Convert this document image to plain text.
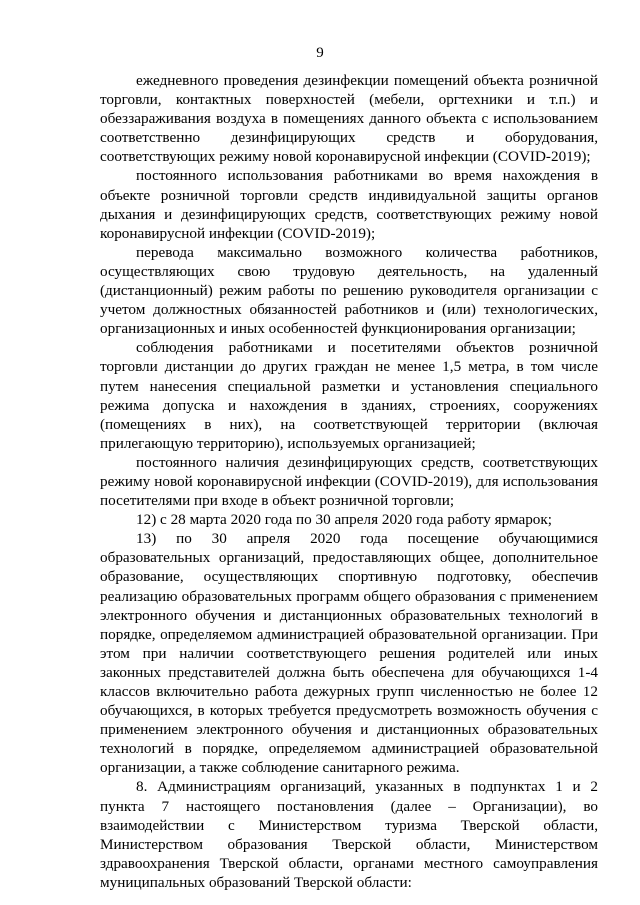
9

ежедневного проведения дезинфекции помещений объекта розничной торговли, контактных поверхностей (мебели, оргтехники и т.п.) и обеззараживания воздуха в помещениях данного объекта с использованием соответственно дезинфицирующих средств и оборудования, соответствующих режиму новой коронавирусной инфекции (COVID-2019);

постоянного использования работниками во время нахождения в объекте розничной торговли средств индивидуальной защиты органов дыхания и дезинфицирующих средств, соответствующих режиму новой коронавирусной инфекции (COVID-2019);

перевода максимально возможного количества работников, осуществляющих свою трудовую деятельность, на удаленный (дистанционный) режим работы по решению руководителя организации с учетом должностных обязанностей работников и (или) технологических, организационных и иных особенностей функционирования организации;

соблюдения работниками и посетителями объектов розничной торговли дистанции до других граждан не менее 1,5 метра, в том числе путем нанесения специальной разметки и установления специального режима допуска и нахождения в зданиях, строениях, сооружениях (помещениях в них), на соответствующей территории (включая прилегающую территорию), используемых организацией;

постоянного наличия дезинфицирующих средств, соответствующих режиму новой коронавирусной инфекции (COVID-2019), для использования посетителями при входе в объект розничной торговли;

12) с 28 марта 2020 года по 30 апреля 2020 года работу ярмарок;

13) по 30 апреля 2020 года посещение обучающимися образовательных организаций, предоставляющих общее, дополнительное образование, осуществляющих спортивную подготовку, обеспечив реализацию образовательных программ общего образования с применением электронного обучения и дистанционных образовательных технологий в порядке, определяемом администрацией образовательной организации. При этом при наличии соответствующего решения родителей или иных законных представителей должна быть обеспечена для обучающихся 1-4 классов включительно работа дежурных групп численностью не более 12 обучающихся, в которых требуется предусмотреть возможность обучения с применением электронного обучения и дистанционных образовательных технологий в порядке, определяемом администрацией образовательной организации, а также соблюдение санитарного режима.

8. Администрациям организаций, указанных в подпунктах 1 и 2 пункта 7 настоящего постановления (далее – Организации), во взаимодействии с Министерством туризма Тверской области, Министерством образования Тверской области, Министерством здравоохранения Тверской области, органами местного самоуправления муниципальных образований Тверской области:
